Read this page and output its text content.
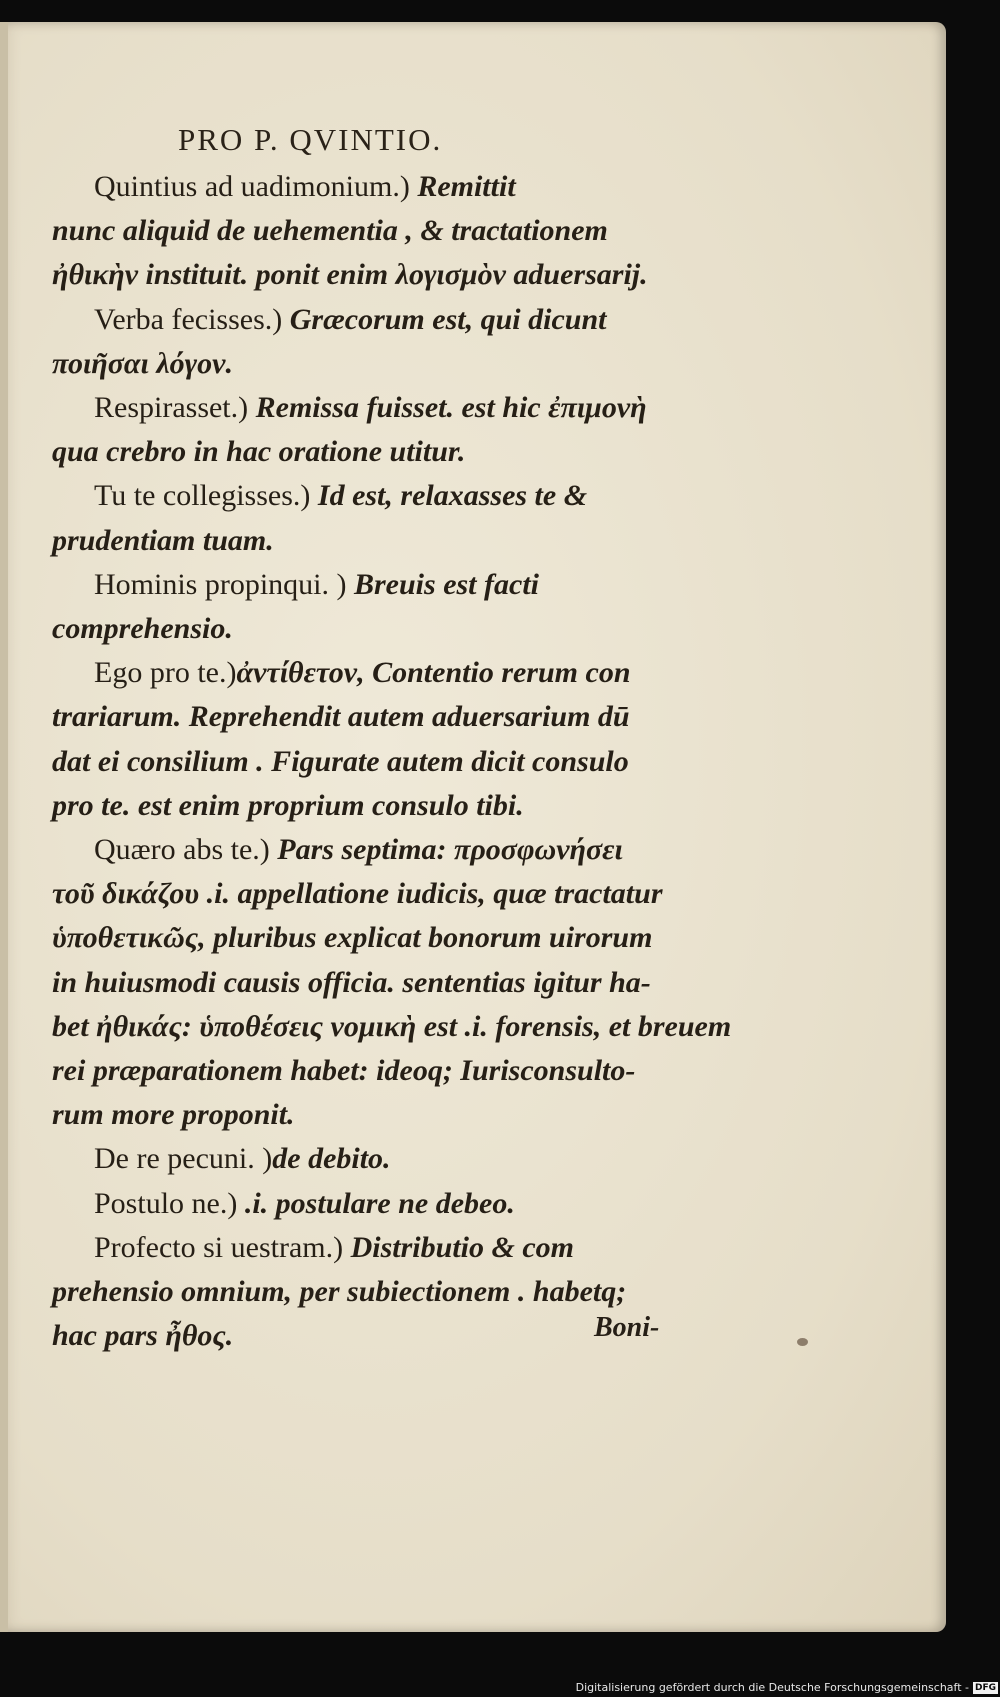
PRO P. QVINTIO.
Quintius ad uadimonium.) Remittit
nunc aliquid de uehementia , & tractationem
ἠθικὴν instituit. ponit enim λογισμὸν aduersarij.
Verba fecisses.) Græcorum est, qui dicunt
ποιῆσαι λόγον.
Respirasset.) Remissa fuisset. est hic ἐπιμονὴ
qua crebro in hac oratione utitur.
Tu te collegisses.) Id est, relaxasses te &
prudentiam tuam.
Hominis propinqui. ) Breuis est facti
comprehensio.
Ego pro te.)ἀντίθετον, Contentio rerum con
trariarum. Reprehendit autem aduersarium dū
dat ei consilium . Figurate autem dicit consulo
pro te. est enim proprium consulo tibi.
Quæro abs te.) Pars septima: προσφωνήσει
τοῦ δικάζου .i. appellatione iudicis, quæ tractatur
ὑποθετικῶς, pluribus explicat bonorum uirorum
in huiusmodi causis officia. sententias igitur ha-
bet ἠθικάς: ὑποθέσεις νομικὴ est .i. forensis, et breuem
rei præparationem habet: ideoq; Iurisconsulto-
rum more proponit.
De re pecuni. )de debito.
Postulo ne.) .i. postulare ne debeo.
Profecto si uestram.) Distributio & com
prehensio omnium, per subiectionem . habetq;
hac pars ἦθος.	Boni-
Digitalisierung gefördert durch die Deutsche Forschungsgemeinschaft - DFG
